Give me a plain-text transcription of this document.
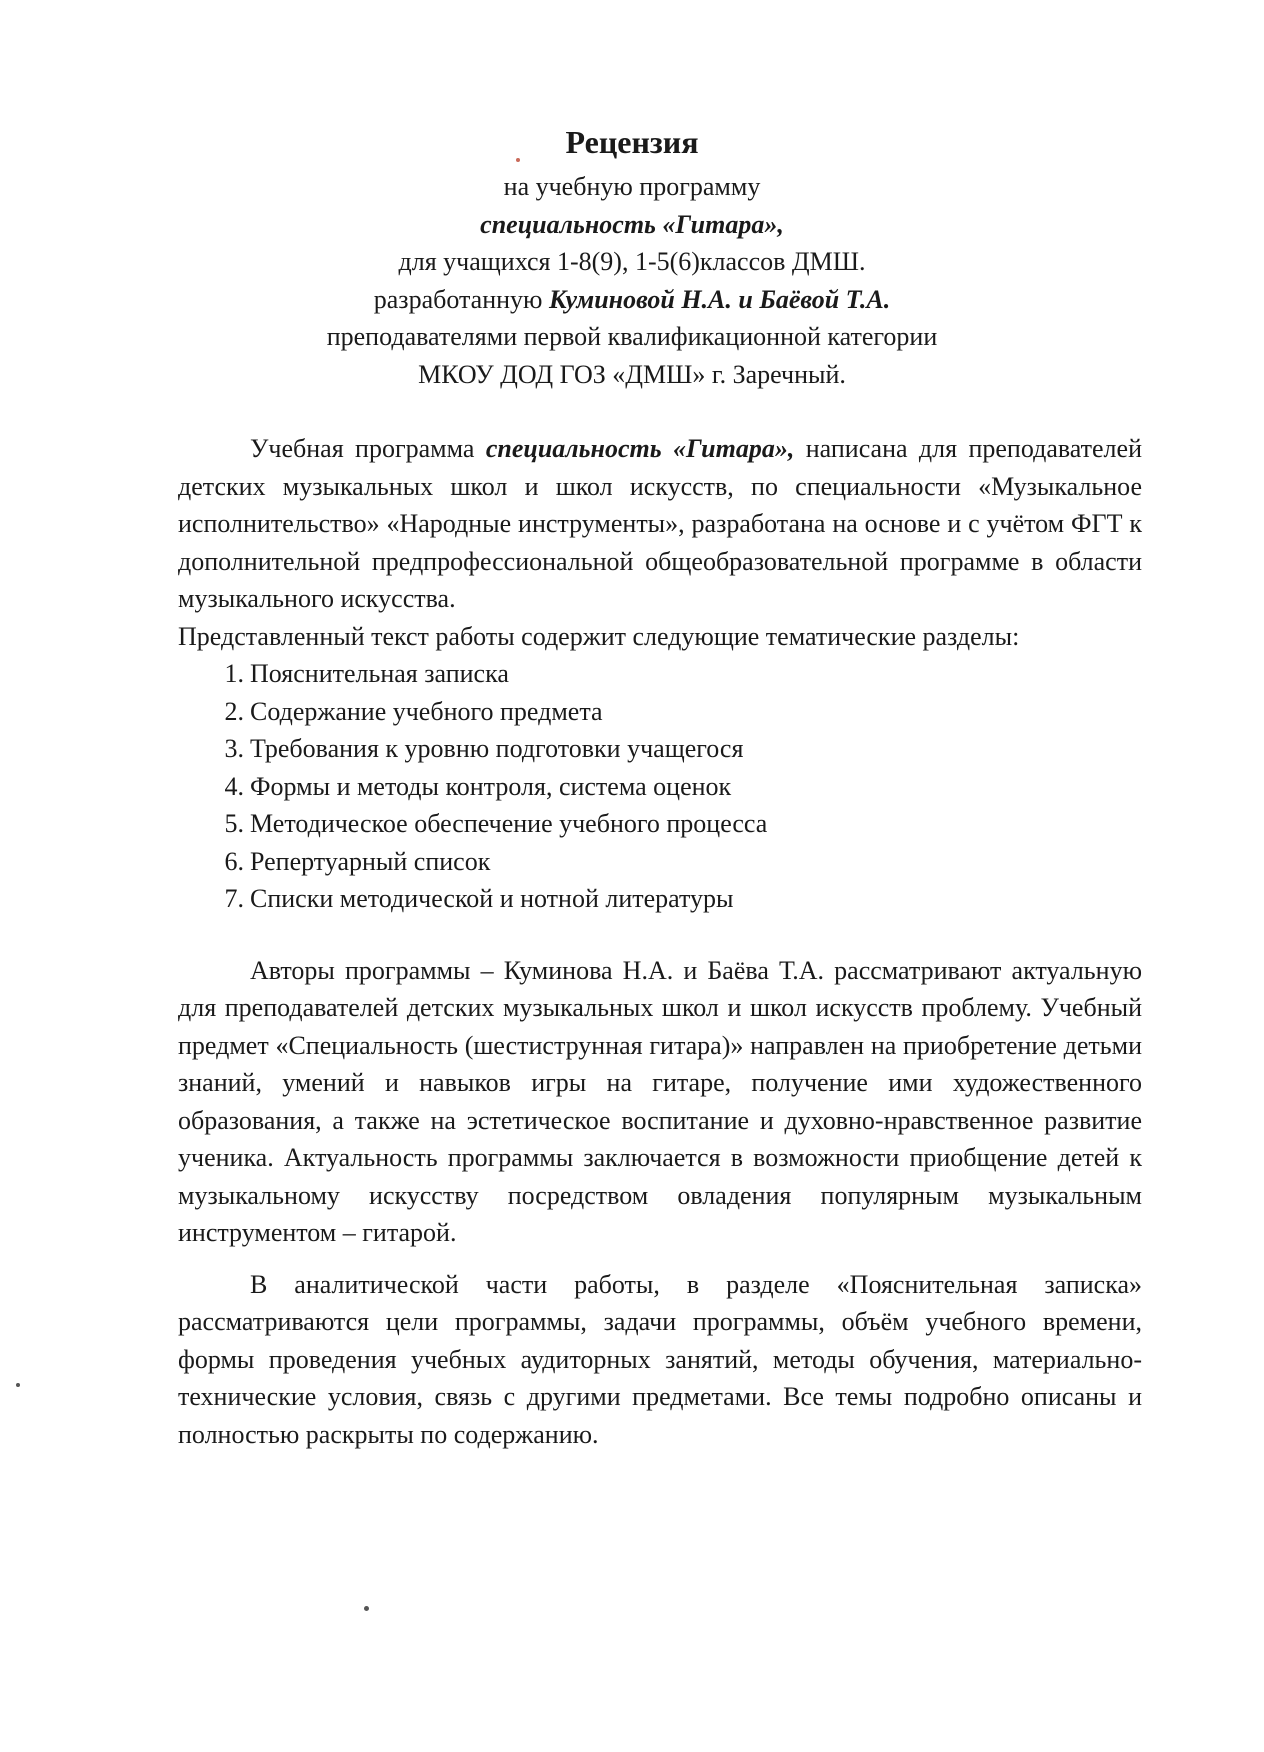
Рецензия
на учебную программу
специальность «Гитара»,
для учащихся 1-8(9), 1-5(6)классов ДМШ.
разработанную Куминовой Н.А. и Баёвой Т.А.
преподавателями первой квалификационной категории
МКОУ ДОД ГОЗ «ДМШ» г. Заречный.

Учебная программа специальность «Гитара», написана для преподавателей детских музыкальных школ и школ искусств, по специальности «Музыкальное исполнительство» «Народные инструменты», разработана на основе и с учётом ФГТ к дополнительной предпрофессиональной общеобразовательной программе в области музыкального искусства.

Представленный текст работы содержит следующие тематические разделы:

1. Пояснительная записка
2. Содержание учебного предмета
3. Требования к уровню подготовки учащегося
4. Формы и методы контроля, система оценок
5. Методическое обеспечение учебного процесса
6. Репертуарный список
7. Списки методической и нотной литературы

Авторы программы – Куминова Н.А. и Баёва Т.А. рассматривают актуальную для преподавателей детских музыкальных школ и школ искусств проблему. Учебный предмет «Специальность (шестиструнная гитара)» направлен на приобретение детьми знаний, умений и навыков игры на гитаре, получение ими художественного образования, а также на эстетическое воспитание и духовно-нравственное развитие ученика. Актуальность программы заключается в возможности приобщение детей к музыкальному искусству посредством овладения популярным музыкальным инструментом – гитарой.

В аналитической части работы, в разделе «Пояснительная записка» рассматриваются цели программы, задачи программы, объём учебного времени, формы проведения учебных аудиторных занятий, методы обучения, материально-технические условия, связь с другими предметами. Все темы подробно описаны и полностью раскрыты по содержанию.
